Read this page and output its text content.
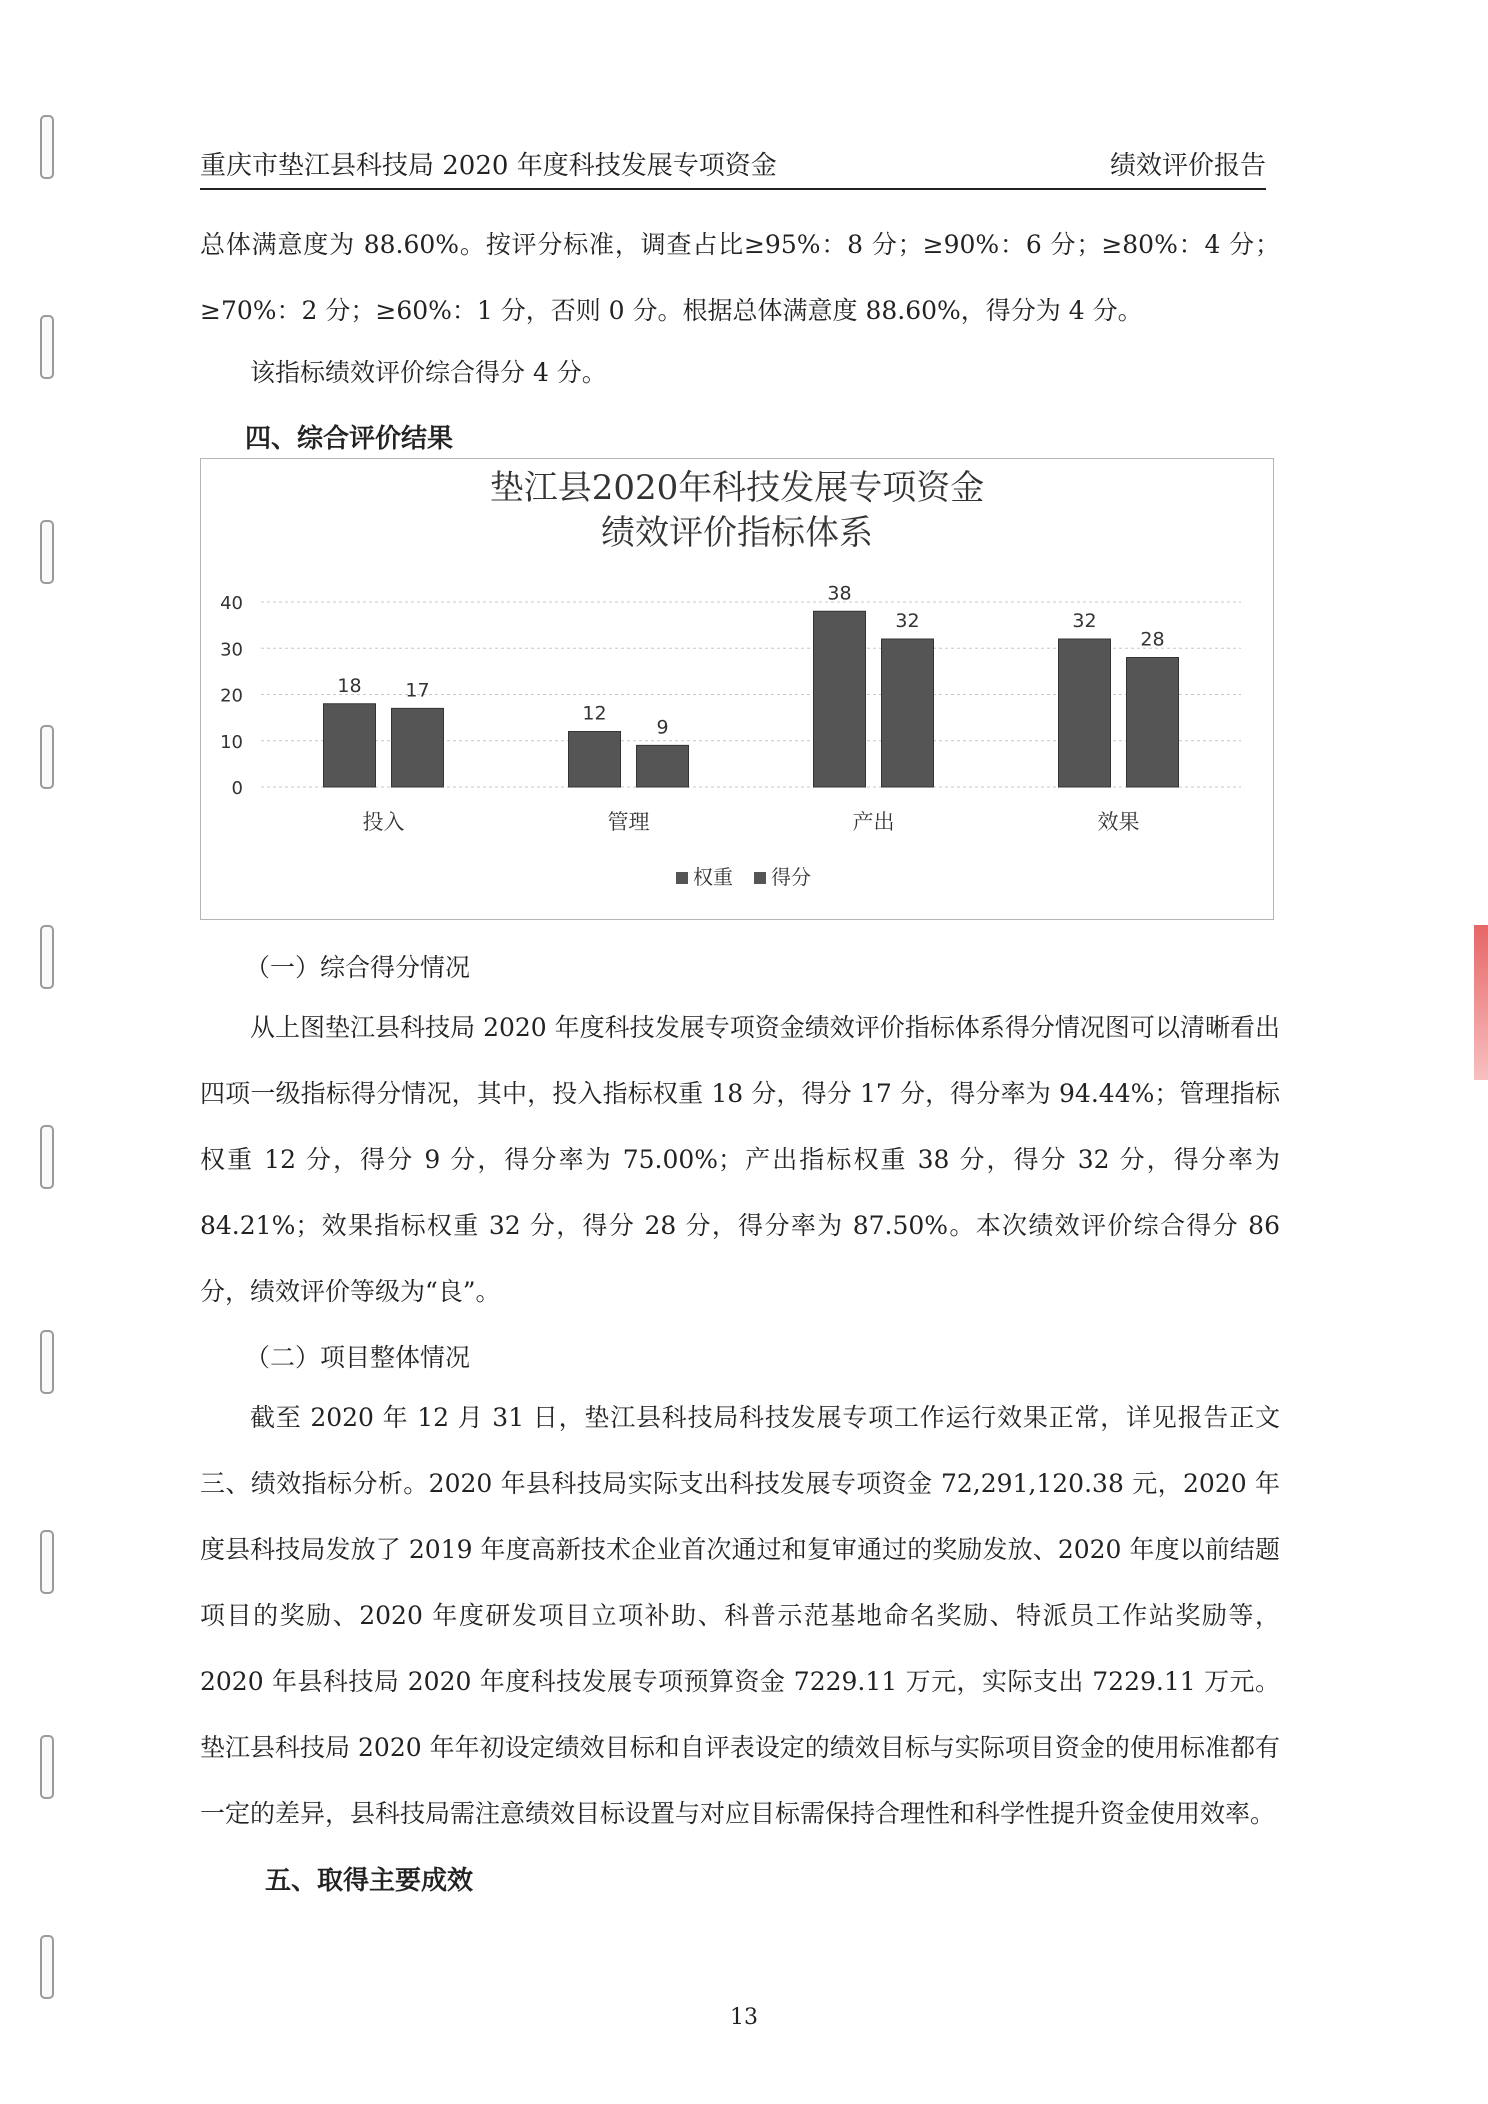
重庆市垫江县科技局 2020 年度科技发展专项资金	绩效评价报告

总体满意度为 88.60%。按评分标准，调查占比≥95%：8 分；≥90%：6 分；≥80%：4 分；≥70%：2 分；≥60%：1 分，否则 0 分。根据总体满意度 88.60%，得分为 4 分。

该指标绩效评价综合得分 4 分。

四、综合评价结果
垫江县2020年科技发展专项资金
绩效评价指标体系
0
10
20
30
40
18 17
12
9
38
32	32
28
投入	管理	产出	效果
权重 得分
（一）综合得分情况

从上图垫江县科技局 2020 年度科技发展专项资金绩效评价指标体系得分情况图可以清晰看出四项一级指标得分情况，其中，投入指标权重 18 分，得分 17 分，得分率为 94.44%；管理指标权重 12 分，得分 9 分，得分率为 75.00%；产出指标权重 38 分，得分 32 分，得分率为 84.21%；效果指标权重 32 分，得分 28 分，得分率为 87.50%。本次绩效评价综合得分 86 分，绩效评价等级为“良”。

（二）项目整体情况

截至 2020 年 12 月 31 日，垫江县科技局科技发展专项工作运行效果正常，详见报告正文三、绩效指标分析。2020 年县科技局实际支出科技发展专项资金 72,291,120.38 元，2020 年度县科技局发放了 2019 年度高新技术企业首次通过和复审通过的奖励发放、2020 年度以前结题项目的奖励、2020 年度研发项目立项补助、科普示范基地命名奖励、特派员工作站奖励等，2020 年县科技局 2020 年度科技发展专项预算资金 7229.11 万元，实际支出 7229.11 万元。垫江县科技局 2020 年年初设定绩效目标和自评表设定的绩效目标与实际项目资金的使用标准都有一定的差异，县科技局需注意绩效目标设置与对应目标需保持合理性和科学性提升资金使用效率。

五、取得主要成效
13
